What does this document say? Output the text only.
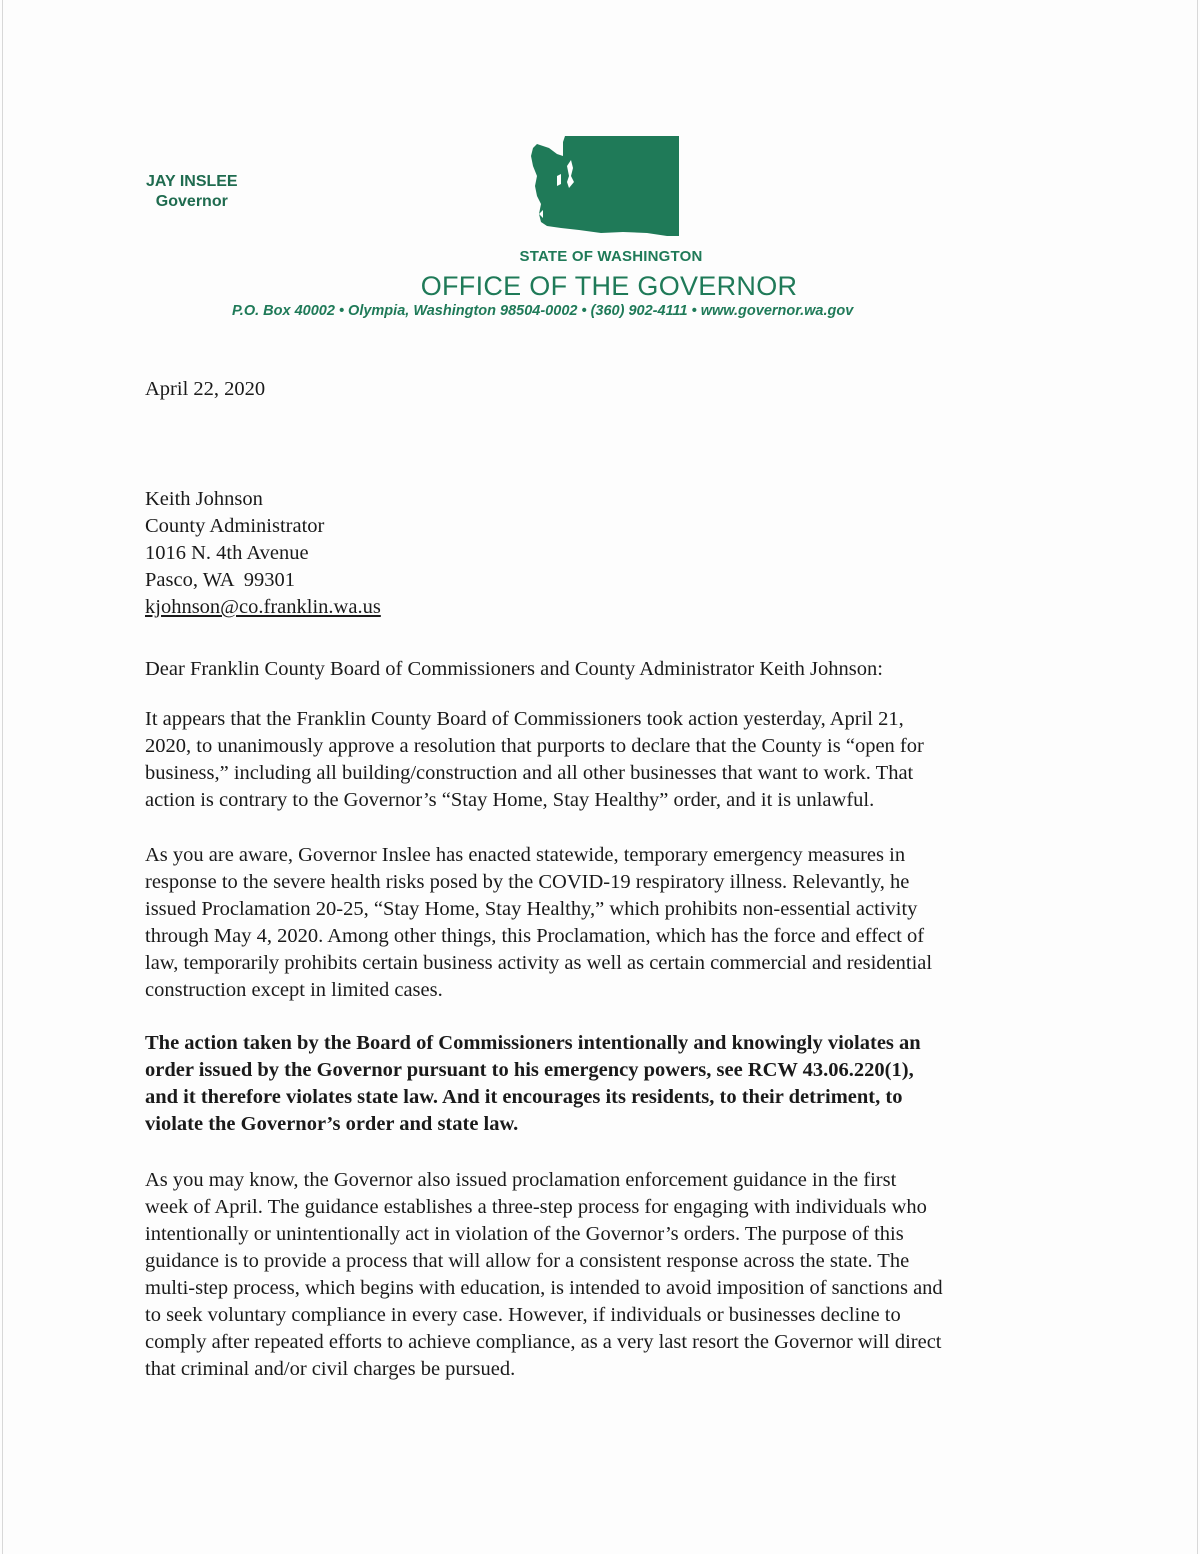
JAY INSLEE
Governor
STATE OF WASHINGTON
OFFICE OF THE GOVERNOR
P.O. Box 40002 • Olympia, Washington 98504-0002 • (360) 902-4111 • www.governor.wa.gov
April 22, 2020
Keith Johnson
County Administrator
1016 N. 4th Avenue
Pasco, WA  99301
kjohnson@co.franklin.wa.us
Dear Franklin County Board of Commissioners and County Administrator Keith Johnson:
It appears that the Franklin County Board of Commissioners took action yesterday, April 21,
2020, to unanimously approve a resolution that purports to declare that the County is “open for
business,” including all building/construction and all other businesses that want to work. That
action is contrary to the Governor’s “Stay Home, Stay Healthy” order, and it is unlawful.
As you are aware, Governor Inslee has enacted statewide, temporary emergency measures in
response to the severe health risks posed by the COVID-19 respiratory illness. Relevantly, he
issued Proclamation 20-25, “Stay Home, Stay Healthy,” which prohibits non-essential activity
through May 4, 2020. Among other things, this Proclamation, which has the force and effect of
law, temporarily prohibits certain business activity as well as certain commercial and residential
construction except in limited cases.
The action taken by the Board of Commissioners intentionally and knowingly violates an
order issued by the Governor pursuant to his emergency powers, see RCW 43.06.220(1),
and it therefore violates state law. And it encourages its residents, to their detriment, to
violate the Governor’s order and state law.
As you may know, the Governor also issued proclamation enforcement guidance in the first
week of April. The guidance establishes a three-step process for engaging with individuals who
intentionally or unintentionally act in violation of the Governor’s orders. The purpose of this
guidance is to provide a process that will allow for a consistent response across the state. The
multi-step process, which begins with education, is intended to avoid imposition of sanctions and
to seek voluntary compliance in every case. However, if individuals or businesses decline to
comply after repeated efforts to achieve compliance, as a very last resort the Governor will direct
that criminal and/or civil charges be pursued.
